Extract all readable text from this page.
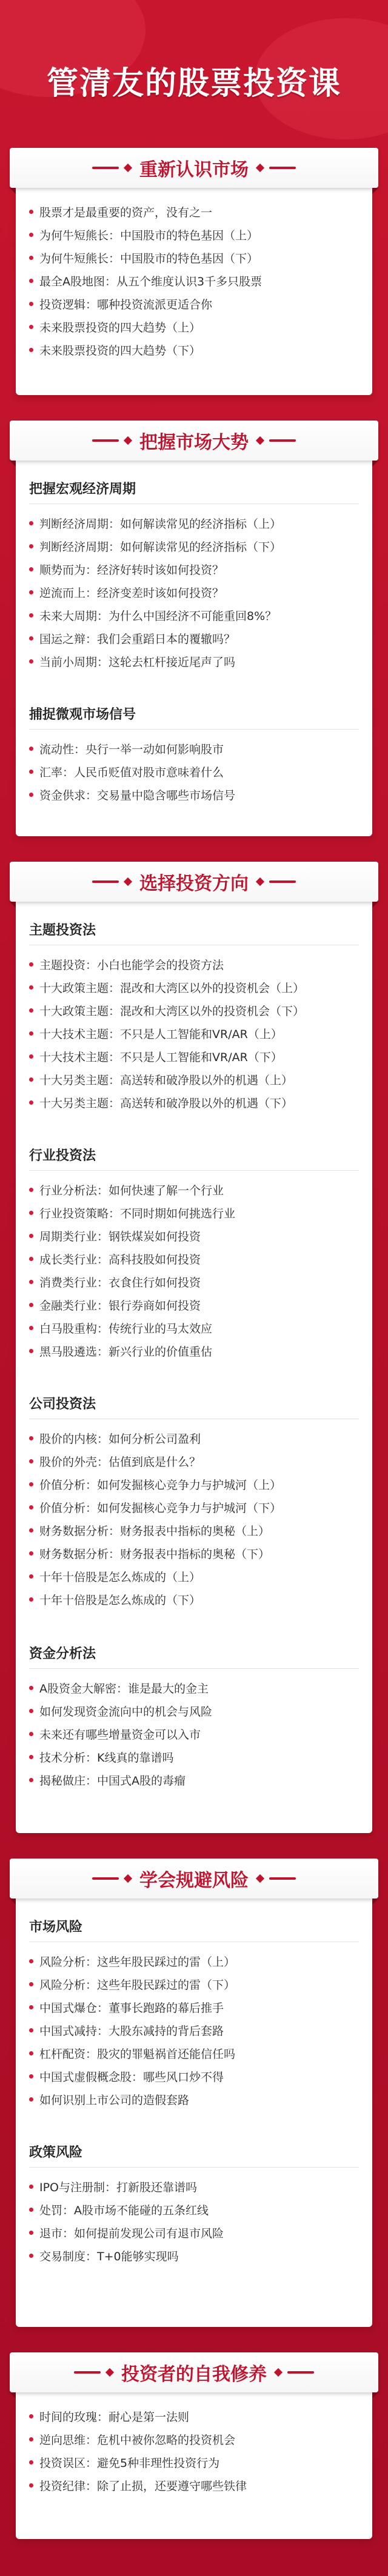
管清友的股票投资课
重新认识市场
股票才是最重要的资产，没有之一
为何牛短熊长：中国股市的特色基因（上）
为何牛短熊长：中国股市的特色基因（下）
最全A股地图：从五个维度认识3千多只股票
投资逻辑：哪种投资流派更适合你
未来股票投资的四大趋势（上）
未来股票投资的四大趋势（下）
把握市场大势
把握宏观经济周期
判断经济周期：如何解读常见的经济指标（上）
判断经济周期：如何解读常见的经济指标（下）
顺势而为：经济好转时该如何投资？
逆流而上：经济变差时该如何投资？
未来大周期：为什么中国经济不可能重回8%？
国运之辩：我们会重蹈日本的覆辙吗？
当前小周期：这轮去杠杆接近尾声了吗
捕捉微观市场信号
流动性：央行一举一动如何影响股市
汇率：人民币贬值对股市意味着什么
资金供求：交易量中隐含哪些市场信号
选择投资方向
主题投资法
主题投资：小白也能学会的投资方法
十大政策主题：混改和大湾区以外的投资机会（上）
十大政策主题：混改和大湾区以外的投资机会（下）
十大技术主题：不只是人工智能和VR/AR（上）
十大技术主题：不只是人工智能和VR/AR（下）
十大另类主题：高送转和破净股以外的机遇（上）
十大另类主题：高送转和破净股以外的机遇（下）
行业投资法
行业分析法：如何快速了解一个行业
行业投资策略：不同时期如何挑选行业
周期类行业：钢铁煤炭如何投资
成长类行业：高科技股如何投资
消费类行业：衣食住行如何投资
金融类行业：银行券商如何投资
白马股重构：传统行业的马太效应
黑马股遴选：新兴行业的价值重估
公司投资法
股价的内核：如何分析公司盈利
股价的外壳：估值到底是什么？
价值分析：如何发掘核心竞争力与护城河（上）
价值分析：如何发掘核心竞争力与护城河（下）
财务数据分析：财务报表中指标的奥秘（上）
财务数据分析：财务报表中指标的奥秘（下）
十年十倍股是怎么炼成的（上）
十年十倍股是怎么炼成的（下）
资金分析法
A股资金大解密：谁是最大的金主
如何发现资金流向中的机会与风险
未来还有哪些增量资金可以入市
技术分析：K线真的靠谱吗
揭秘做庄：中国式A股的毒瘤
学会规避风险
市场风险
风险分析：这些年股民踩过的雷（上）
风险分析：这些年股民踩过的雷（下）
中国式爆仓：董事长跑路的幕后推手
中国式减持：大股东减持的背后套路
杠杆配资：股灾的罪魁祸首还能信任吗
中国式虚假概念股：哪些风口炒不得
如何识别上市公司的造假套路
政策风险
IPO与注册制：打新股还靠谱吗
处罚：A股市场不能碰的五条红线
退市：如何提前发现公司有退市风险
交易制度：T+0能够实现吗
投资者的自我修养
时间的玫瑰：耐心是第一法则
逆向思维：危机中被你忽略的投资机会
投资误区：避免5种非理性投资行为
投资纪律：除了止损，还要遵守哪些铁律
